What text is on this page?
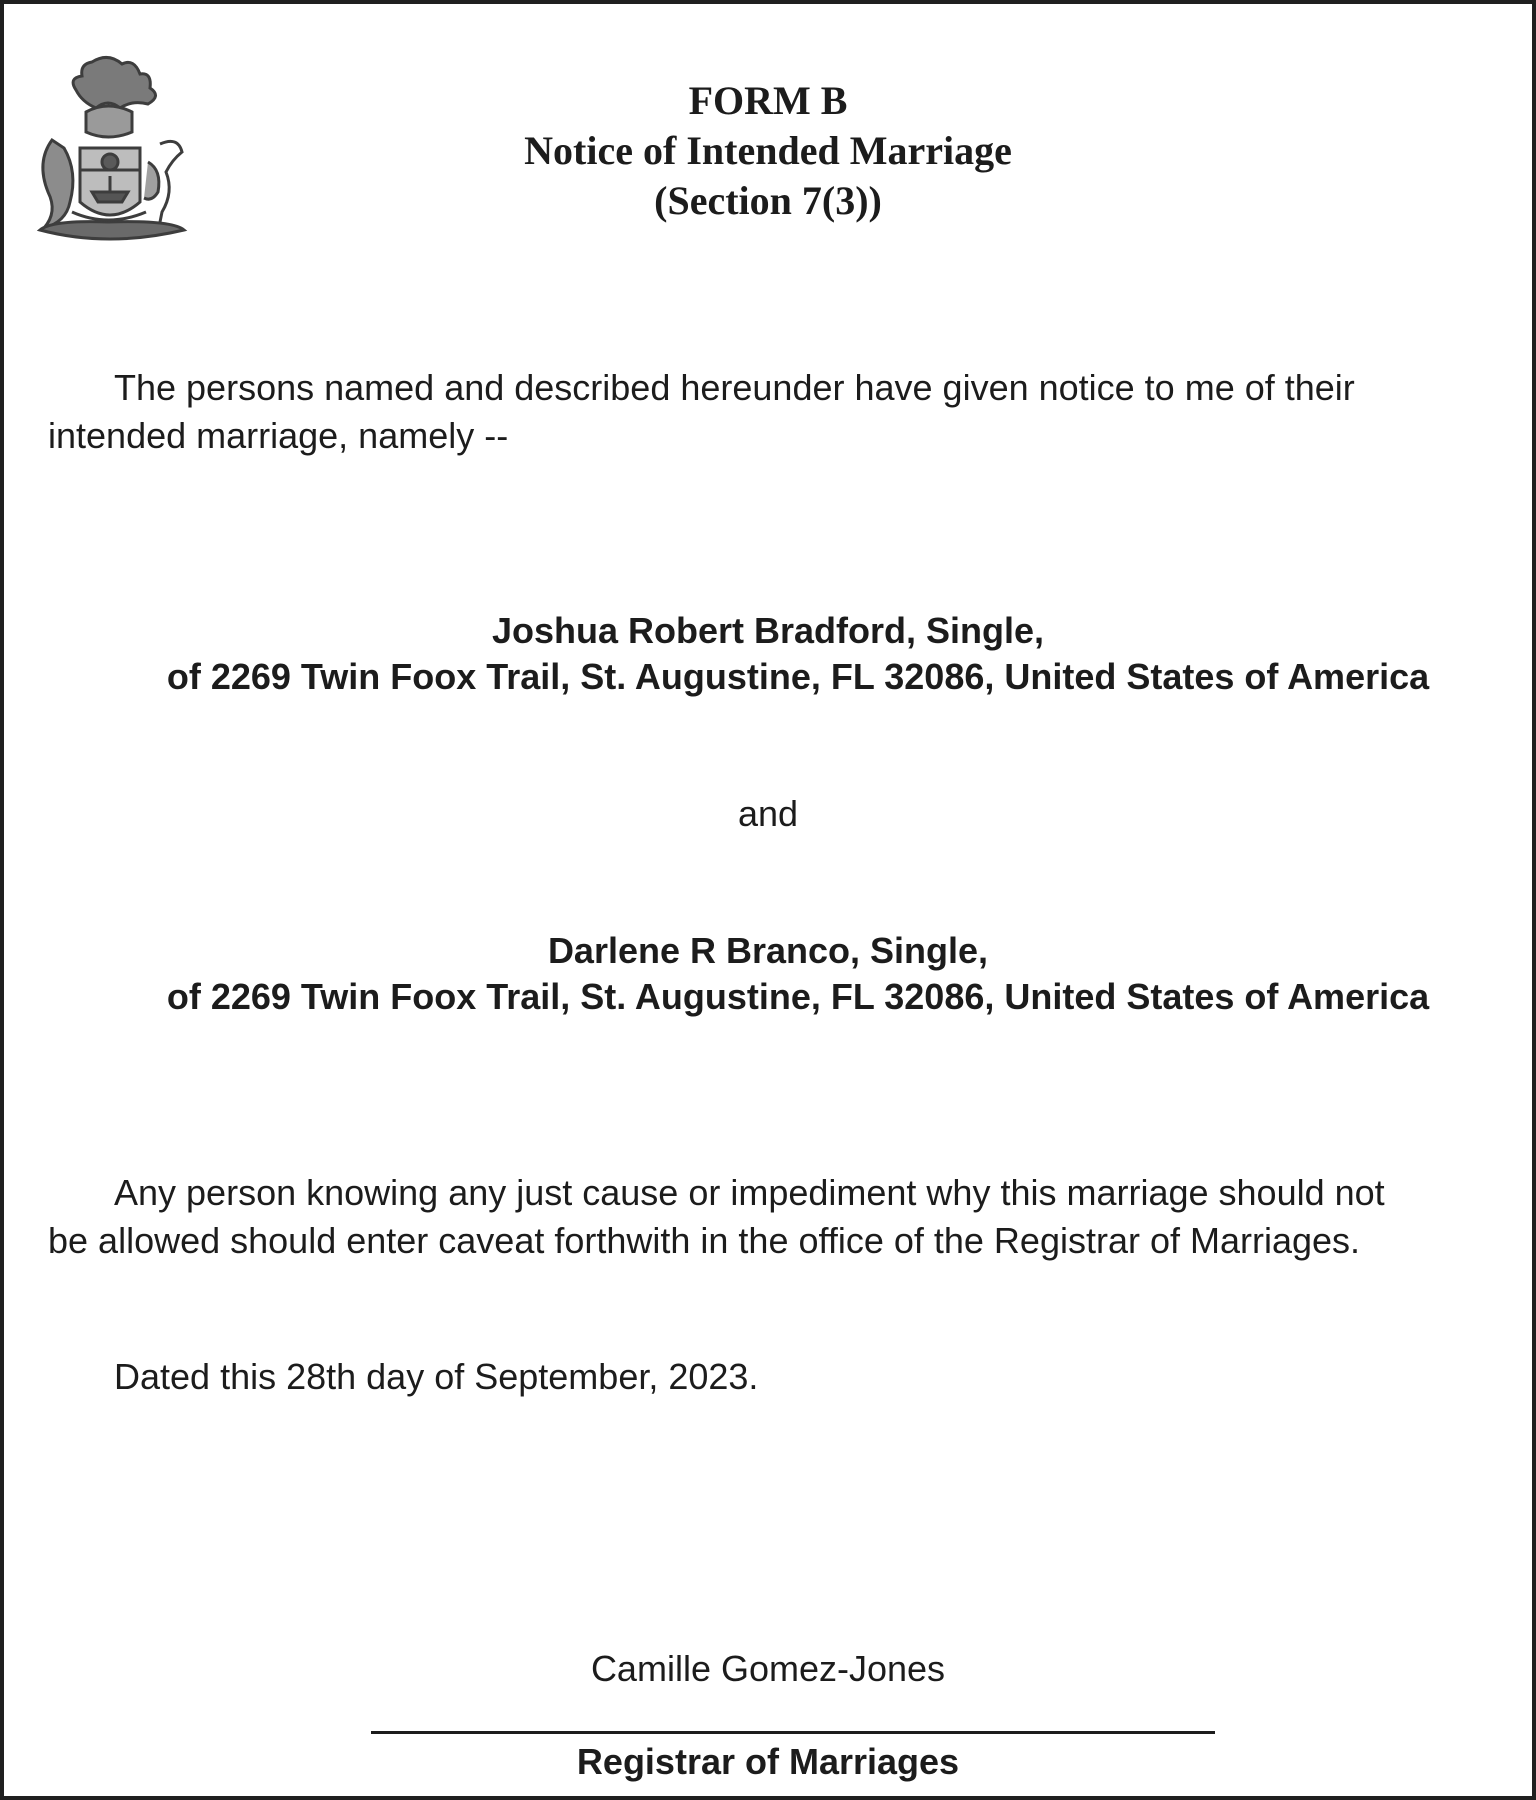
FORM B
Notice of Intended Marriage
(Section 7(3))
The persons named and described hereunder have given notice to me of their
intended marriage, namely --
Joshua Robert Bradford, Single,
of 2269 Twin Foox Trail, St. Augustine, FL 32086, United States of America
and
Darlene R Branco, Single,
of 2269 Twin Foox Trail, St. Augustine, FL 32086, United States of America
Any person knowing any just cause or impediment why this marriage should not
be allowed should enter caveat forthwith in the office of the Registrar of Marriages.
Dated this 28th day of September, 2023.
Camille Gomez-Jones
Registrar of Marriages
